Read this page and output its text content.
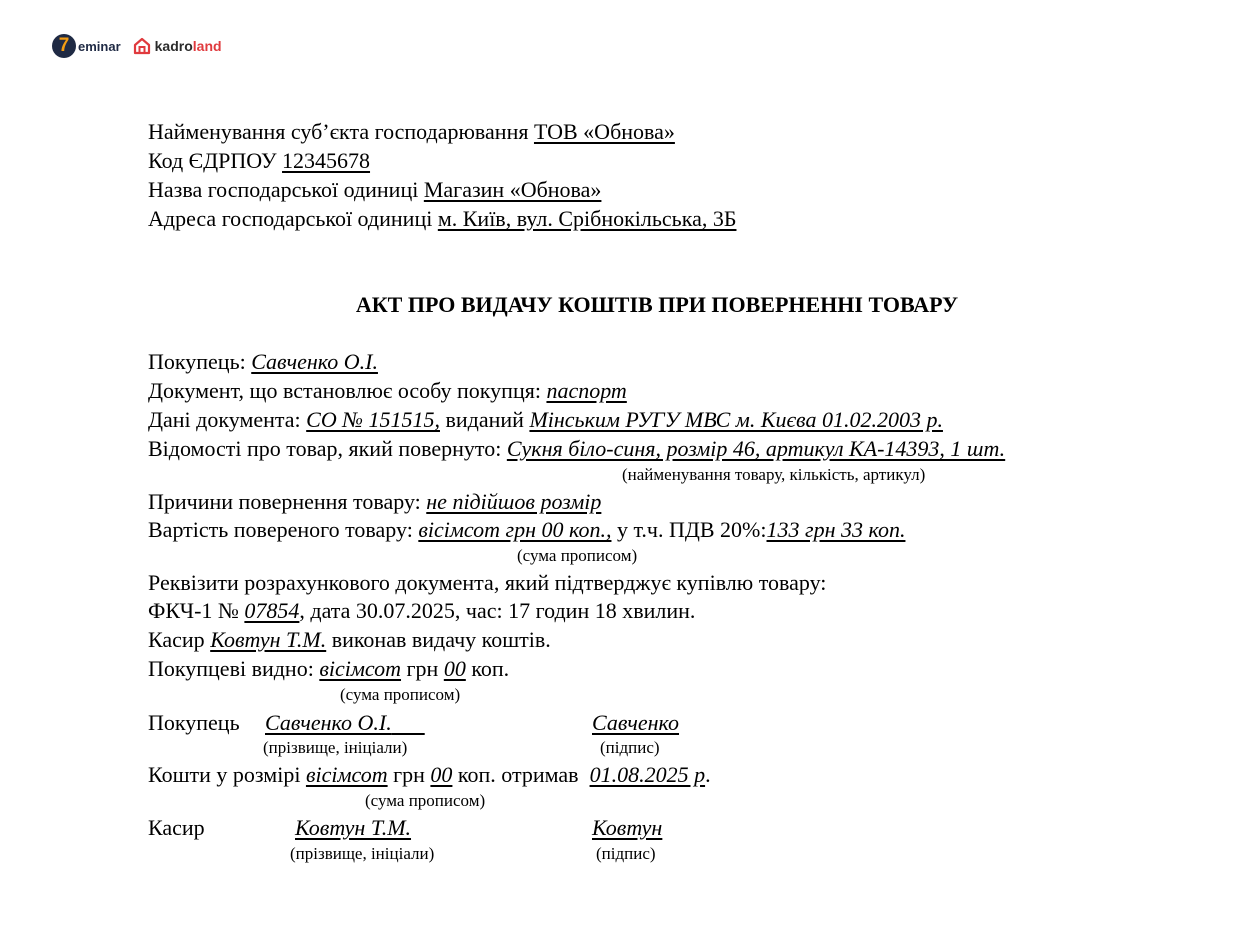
7 eminar kadroland
Найменування суб’єкта господарювання ТОВ «Обнова»
Код ЄДРПОУ 12345678
Назва господарської одиниці Магазин «Обнова»
Адреса господарської одиниці м. Київ, вул. Срібнокільська, 3Б
АКТ ПРО ВИДАЧУ КОШТІВ ПРИ ПОВЕРНЕННІ ТОВАРУ
Покупець: Савченко О.І.
Документ, що встановлює особу покупця: паспорт
Дані документа: СО № 151515, виданий Мінським РУГУ МВС м. Києва 01.02.2003 р.
Відомості про товар, який повернуто: Сукня біло-синя, розмір 46, артикул КА-14393, 1 шт.
(найменування товару, кількість, артикул)
Причини повернення товару: не підійшов розмір
Вартість повереного товару: вісімсот грн 00 коп., у т.ч. ПДВ 20%:133 грн 33 коп.
(сума прописом)
Реквізити розрахункового документа, який підтверджує купівлю товару:
ФКЧ-1 № 07854, дата 30.07.2025, час: 17 годин 18 хвилин.
Касир Ковтун Т.М. виконав видачу коштів.
Покупцеві видно: вісімсот грн 00 коп.
(сума прописом)
Покупець Савченко О.І.	Савченко
(прізвище, ініціали)	(підпис)
Кошти у розмірі вісімсот грн 00 коп. отримав 01.08.2025 р.
(сума прописом)
Касир	Ковтун Т.М.	Ковтун
(прізвище, ініціали)	(підпис)
